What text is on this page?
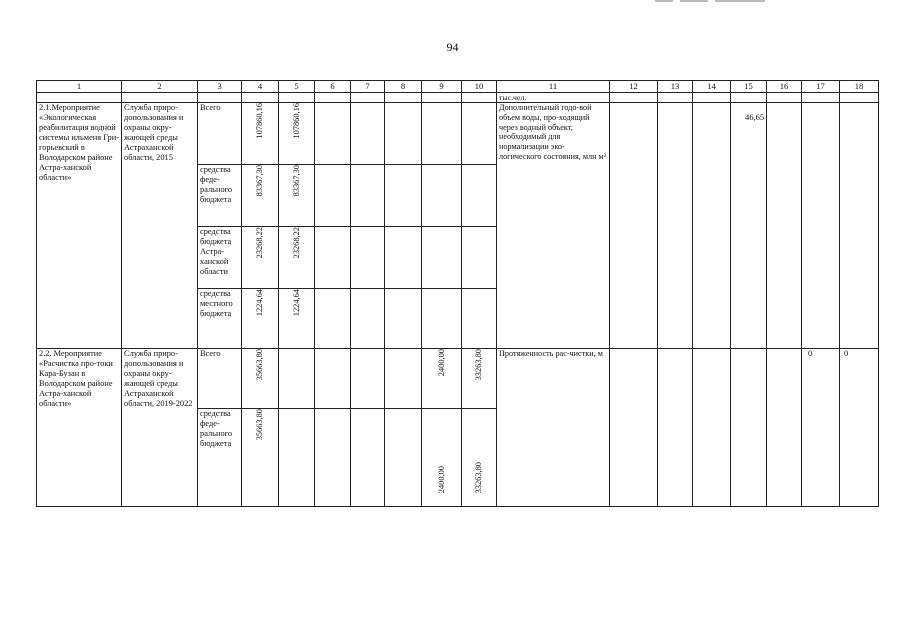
94
1	2	3	4	5	6	7	8	9	10	11	12	13	14	15	16	17	18
										тыс.чел.							
2.1.Мероприятие «Экологическая реабилитация водной системы ильменя Гри-горьевский в Володарском районе Астра-ханской области»	Служба приро-допользования и охраны окру-жающей среды Астраханской области, 2015	Всего	107860,16	107860,16						Дополнительный годо-вой объем воды, про-ходящий через водный объект, необходимый для нормализации эко-логического состояния, млн м³				46,65			
		средства феде-рального бюджета	83367,30	83367,30													
		средства бюджета Астра-ханской области	23268,22	23268,22													
		средства местного бюджета	1224,64	1224,64													
2.2. Мероприятие «Расчистка про-токи Кара-Бузан в Володарском районе Астра-ханской области»	Служба приро-допользования и охраны окру-жающей среды Астраханской области, 2019-2022	Всего	35663,80					2400,00	33263,80	Протяженность рас-чистки, м						0	0
		средства феде-рального бюджета	35663,80					2400,00	33263,80								
